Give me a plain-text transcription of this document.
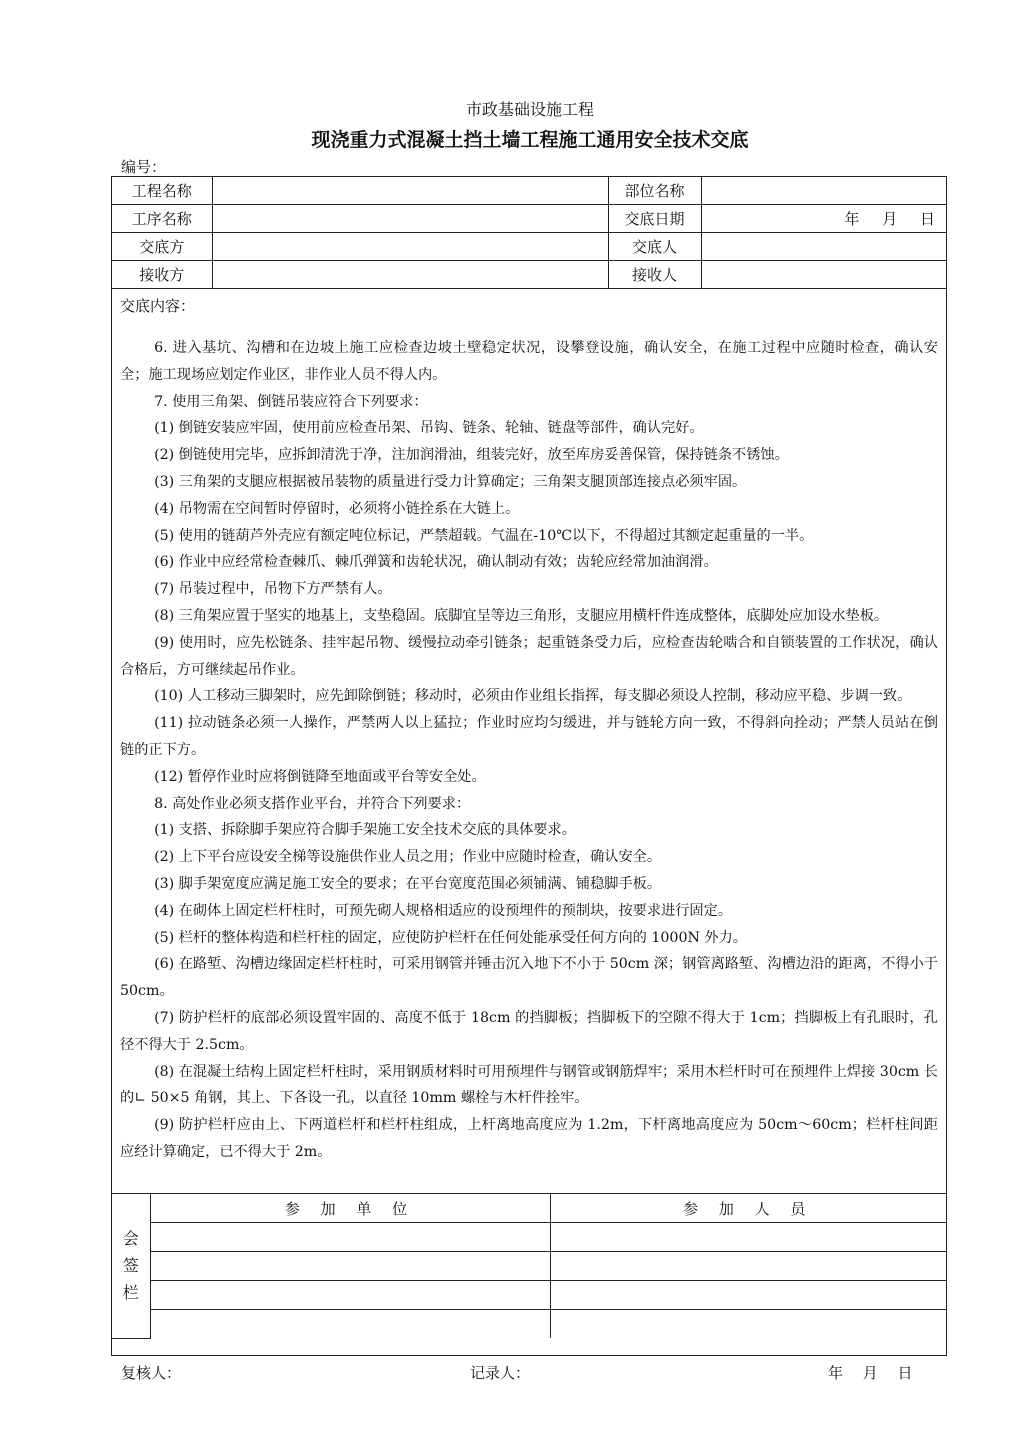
市政基础设施工程
现浇重力式混凝土挡土墙工程施工通用安全技术交底
编号：
工程名称		部位名称	
工序名称		交底日期	年　 月　 日
交底方		交底人	
接收方		接收人	
交底内容：

6. 进入基坑、沟槽和在边坡上施工应检查边坡土壁稳定状况，设攀登设施，确认安全，在施工过程中应随时检查，确认安全；施工现场应划定作业区，非作业人员不得人内。

7. 使用三角架、倒链吊装应符合下列要求：

(1) 倒链安装应牢固，使用前应检查吊架、吊钩、链条、轮轴、链盘等部件，确认完好。

(2) 倒链使用完毕，应拆卸清洗于净，注加润滑油，组装完好，放至库房妥善保管，保持链条不锈蚀。

(3) 三角架的支腿应根据被吊装物的质量进行受力计算确定；三角架支腿顶部连接点必须牢固。

(4) 吊物需在空间暂时停留时，必须将小链拴系在大链上。

(5) 使用的链葫芦外壳应有额定吨位标记，严禁超载。气温在-10℃以下，不得超过其额定起重量的一半。

(6) 作业中应经常检查棘爪、棘爪弹簧和齿轮状况，确认制动有效；齿轮应经常加油润滑。

(7) 吊装过程中，吊物下方严禁有人。

(8) 三角架应置于坚实的地基上，支垫稳固。底脚宜呈等边三角形，支腿应用横杆件连成整体，底脚处应加设水垫板。

(9) 使用时，应先松链条、挂牢起吊物、缓慢拉动牵引链条；起重链条受力后，应检查齿轮啮合和自锁装置的工作状况，确认合格后，方可继续起吊作业。

(10) 人工移动三脚架时，应先卸除倒链；移动时，必须由作业组长指挥，每支脚必须设人控制，移动应平稳、步调一致。

(11) 拉动链条必须一人操作，严禁两人以上猛拉；作业时应均匀缓进，并与链轮方向一致，不得斜向拴动；严禁人员站在倒链的正下方。

(12) 暂停作业时应将倒链降至地面或平台等安全处。

8. 高处作业必须支搭作业平台，并符合下列要求：

(1) 支搭、拆除脚手架应符合脚手架施工安全技术交底的具体要求。

(2) 上下平台应设安全梯等设施供作业人员之用；作业中应随时检查，确认安全。

(3) 脚手架宽度应满足施工安全的要求；在平台宽度范围必须铺满、铺稳脚手板。

(4) 在砌体上固定栏杆柱时，可预先砌人规格相适应的设预埋件的预制块，按要求进行固定。

(5) 栏杆的整体构造和栏杆柱的固定，应使防护栏杆在任何处能承受任何方向的 1000N 外力。

(6) 在路堑、沟槽边缘固定栏杆柱时，可采用钢管并锤击沉入地下不小于 50cm 深；钢管离路堑、沟槽边沿的距离，不得小于 50cm。

(7) 防护栏杆的底部必须设置牢固的、高度不低于 18cm 的挡脚板；挡脚板下的空隙不得大于 1cm；挡脚板上有孔眼时，孔径不得大于 2.5cm。

(8) 在混凝土结构上固定栏杆柱时，采用钢质材料时可用预埋件与钢管或钢筋焊牢；采用木栏杆时可在预埋件上焊接 30cm 长的∟ 50×5 角钢，其上、下各设一孔，以直径 10mm 螺栓与木杆件拴牢。

(9) 防护栏杆应由上、下两道栏杆和栏杆柱组成，上杆离地高度应为 1.2m，下杆离地高度应为 50cm～60cm；栏杆柱间距应经计算确定，已不得大于 2m。

会
签
栏	参 加 单 位	参 加 人 员

复核人：	记录人：	年　 月　 日
